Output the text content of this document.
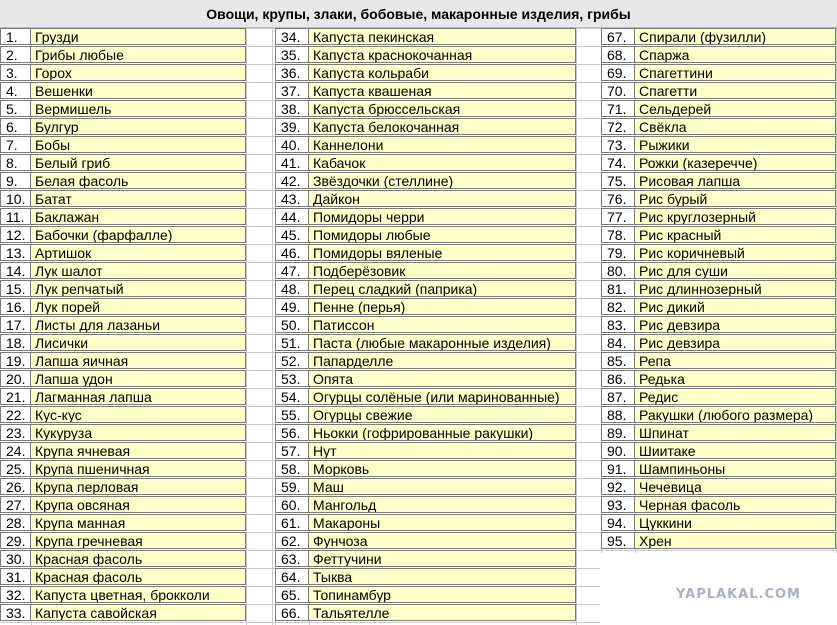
Овощи, крупы, злаки, бобовые, макаронные изделия, грибы
1.	Грузди
2.	Грибы любые
3.	Горох
4.	Вешенки
5.	Вермишель
6.	Булгур
7.	Бобы
8.	Белый гриб
9.	Белая фасоль
10. Батат
11. Баклажан
12. Бабочки (фарфалле)
13. Артишок
14. Лук шалот
15. Лук репчатый
16. Лук порей
17. Листы для лазаньи
18. Лисички
19. Лапша яичная
20. Лапша удон
21. Лагманная лапша
22. Кус-кус
23. Кукуруза
24. Крупа ячневая
25. Крупа пшеничная
26. Крупа перловая
27. Крупа овсяная
28. Крупа манная
29. Крупа гречневая
30. Красная фасоль
31. Красная фасоль
32. Капуста цветная, брокколи
33. Капуста савойская
34. Капуста пекинская
35. Капуста краснокочанная
36. Капуста кольраби
37. Капуста квашеная
38. Капуста брюссельская
39. Капуста белокочанная
40. Каннелони
41. Кабачок
42. Звёздочки (стеллине)
43. Дайкон
44. Помидоры черри
45. Помидоры любые
46. Помидоры вяленые
47. Подберёзовик
48. Перец сладкий (паприка)
49. Пенне (перья)
50. Патиссон
51. Паста (любые макаронные изделия)
52. Папарделле
53. Опята
54. Огурцы солёные (или маринованные)
55. Огурцы свежие
56. Ньокки (гофрированные ракушки)
57. Нут
58. Морковь
59. Маш
60. Мангольд
61. Макароны
62. Фунчоза
63. Феттучини
64. Тыква
65. Топинамбур
66. Тальятелле
67. Спирали (фузилли)
68. Спаржа
69. Спагеттини
70. Спагетти
71. Сельдерей
72. Свёкла
73. Рыжики
74. Рожки (казеречче)
75. Рисовая лапша
76. Рис бурый
77. Рис круглозерный
78. Рис красный
79. Рис коричневый
80. Рис для суши
81. Рис длиннозерный
82. Рис дикий
83. Рис девзира
84. Рис девзира
85. Репа
86. Редька
87. Редис
88. Ракушки (любого размера)
89. Шпинат
90. Шиитаке
91. Шампиньоны
92. Чечевица
93. Черная фасоль
94. Цуккини
95. Хрен
YAPLAKAL.COM
